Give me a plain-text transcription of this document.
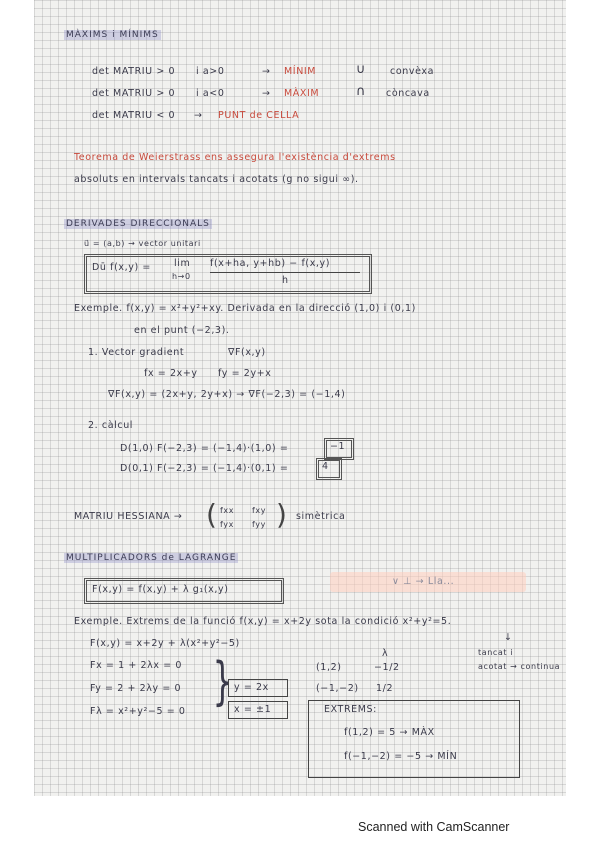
MÀXIMS i MÍNIMS
det MATRIU > 0 i a>0	→ MÍNIM	∪	convèxa
det MATRIU > 0 i a<0	→ MÀXIM	∩ còncava
det MATRIU < 0 → PUNT de CELLA
Teorema de Weierstrass ens assegura l'existència d'extrems
absoluts en intervals tancats i acotats (g no sigui ∞).
DERIVADES DIRECCIONALS
u⃗ = (a,b) → vector unitari
Dū f(x,y) = lim
h→0
f(x+ha, y+hb) − f(x,y)
h
Exemple. f(x,y) = x²+y²+xy. Derivada en la direcció (1,0) i (0,1)
en el punt (−2,3).
1. Vector gradient	∇F(x,y)
fx = 2x+y fy = 2y+x
∇F(x,y) = (2x+y, 2y+x) → ∇F(−2,3) = (−1,4)
2. càlcul
D(1,0) F(−2,3) = (−1,4)·(1,0) =	−1
D(0,1) F(−2,3) = (−1,4)·(0,1) =	4
MATRIU HESSIANA → ( fxx fxy
fyx fyy ) simètrica
MULTIPLICADORS de LAGRANGE
F(x,y) = f(x,y) + λ g₁(x,y)
∨ ⊥ → Lla...
Exemple. Extrems de la funció f(x,y) = x+2y sota la condició x²+y²=5.
↓
tancat i
acotat → continua
F(x,y) = x+2y + λ(x²+y²−5)
Fx = 1 + 2λx = 0
Fy = 2 + 2λy = 0
Fλ = x²+y²−5 = 0 } y = 2x
x = ±1
λ
(1,2)	−1/2
(−1,−2) 1/2
EXTREMS:
f(1,2) = 5 → MÀX
f(−1,−2) = −5 → MÍN
Scanned with CamScanner
